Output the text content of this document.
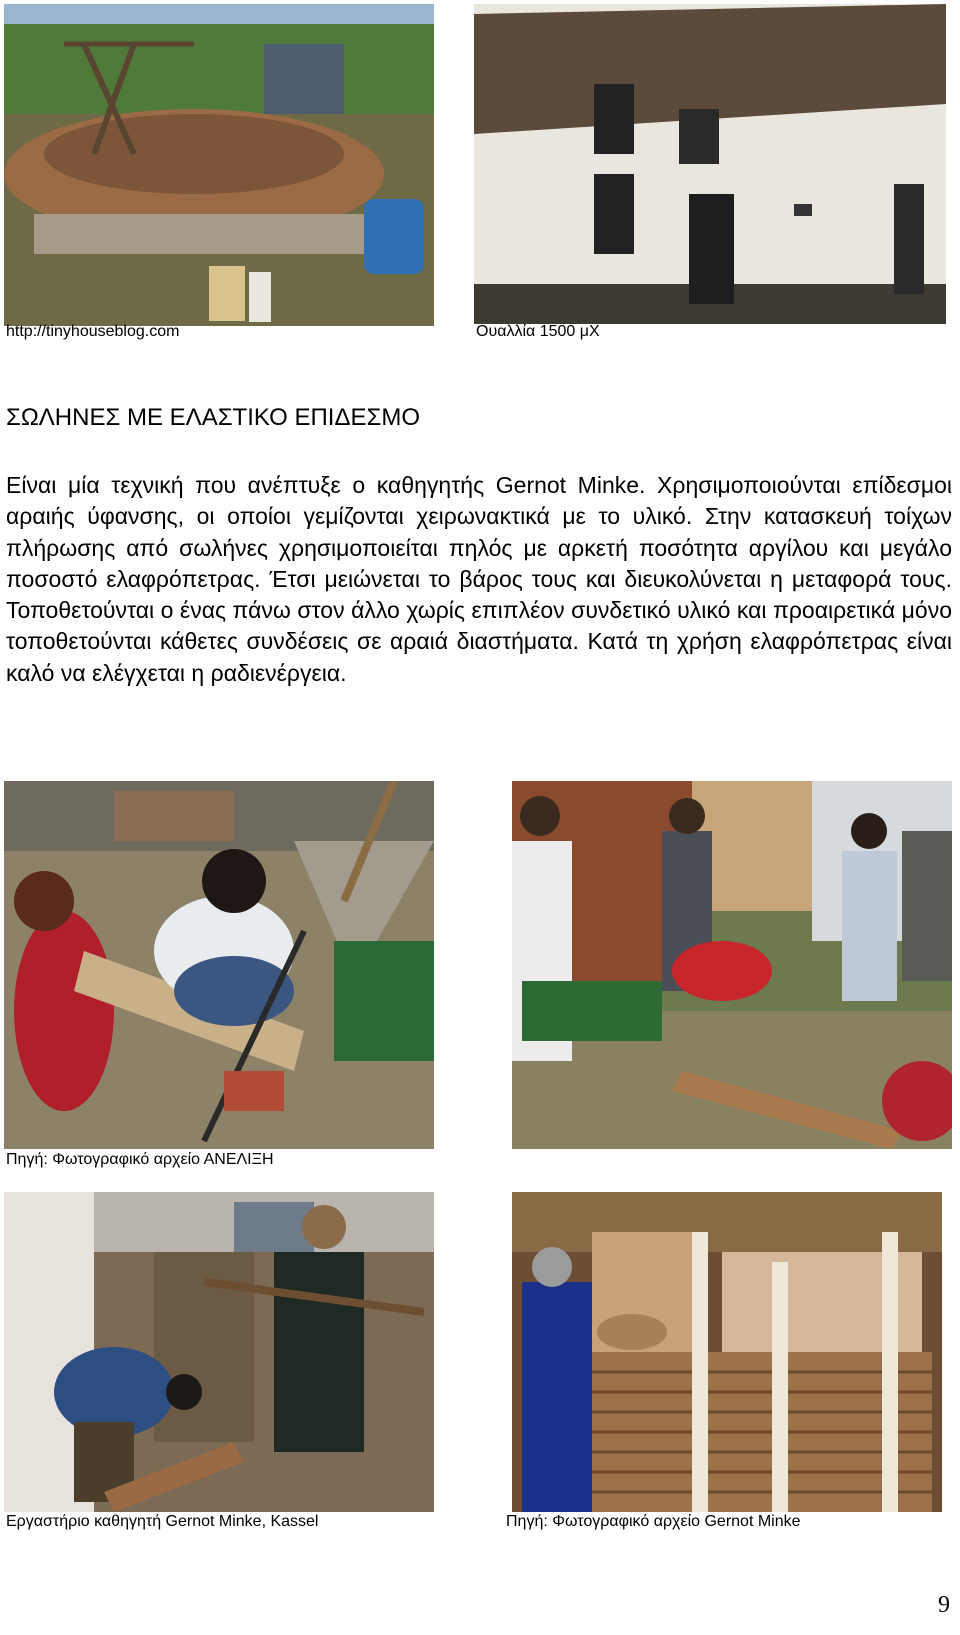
http://tinyhouseblog.com	Ουαλλία 1500 μΧ
ΣΩΛΗΝΕΣ ΜΕ ΕΛΑΣΤΙΚΟ ΕΠΙΔΕΣΜΟ

Είναι μία τεχνική που ανέπτυξε ο καθηγητής Gernot Minke. Χρησιμοποιούνται επίδεσμοι αραιής ύφανσης, οι οποίοι γεμίζονται χειρωνακτικά με το υλικό. Στην κατασκευή τοίχων πλήρωσης από σωλήνες χρησιμοποιείται πηλός με αρκετή ποσότητα αργίλου και μεγάλο ποσοστό ελαφρόπετρας. Έτσι μειώνεται το βάρος τους και διευκολύνεται η μεταφορά τους. Τοποθετούνται ο ένας πάνω στον άλλο χωρίς επιπλέον συνδετικό υλικό και προαιρετικά μόνο τοποθετούνται κάθετες συνδέσεις σε αραιά διαστήματα. Κατά τη χρήση ελαφρόπετρας είναι καλό να ελέγχεται η ραδιενέργεια.

Πηγή: Φωτογραφικό αρχείο ΑΝΕΛΙΞΗ
Εργαστήριο καθηγητή Gernot Minke, Kassel	Πηγή: Φωτογραφικό αρχείο Gernot Minke
9
